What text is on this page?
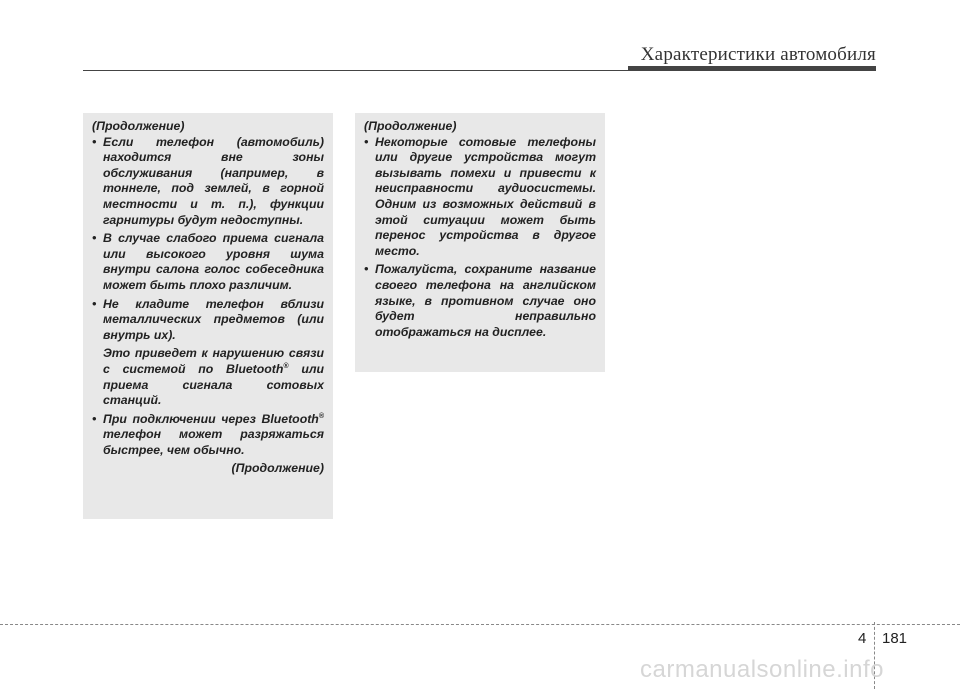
Характеристики автомобиля
(Продолжение)
• Если телефон (автомобиль) находится вне зоны обслуживания (например, в тоннеле, под землей, в горной местности и т. п.), функции гарнитуры будут недоступны.
• В случае слабого приема сигнала или высокого уровня шума внутри салона голос собеседника может быть плохо различим.
• Не кладите телефон вблизи металлических предметов (или внутрь их).
Это приведет к нарушению связи с системой по Bluetooth® или приема сигнала сотовых станций.
• При подключении через Bluetooth® телефон может разряжаться быстрее, чем обычно.
(Продолжение)
(Продолжение)
• Некоторые сотовые телефоны или другие устройства могут вызывать помехи и привести к неисправности аудиосистемы. Одним из возможных действий в этой ситуации может быть перенос устройства в другое место.
• Пожалуйста, сохраните название своего телефона на английском языке, в противном случае оно будет неправильно отображаться на дисплее.
4 181
carmanualsonline.info
